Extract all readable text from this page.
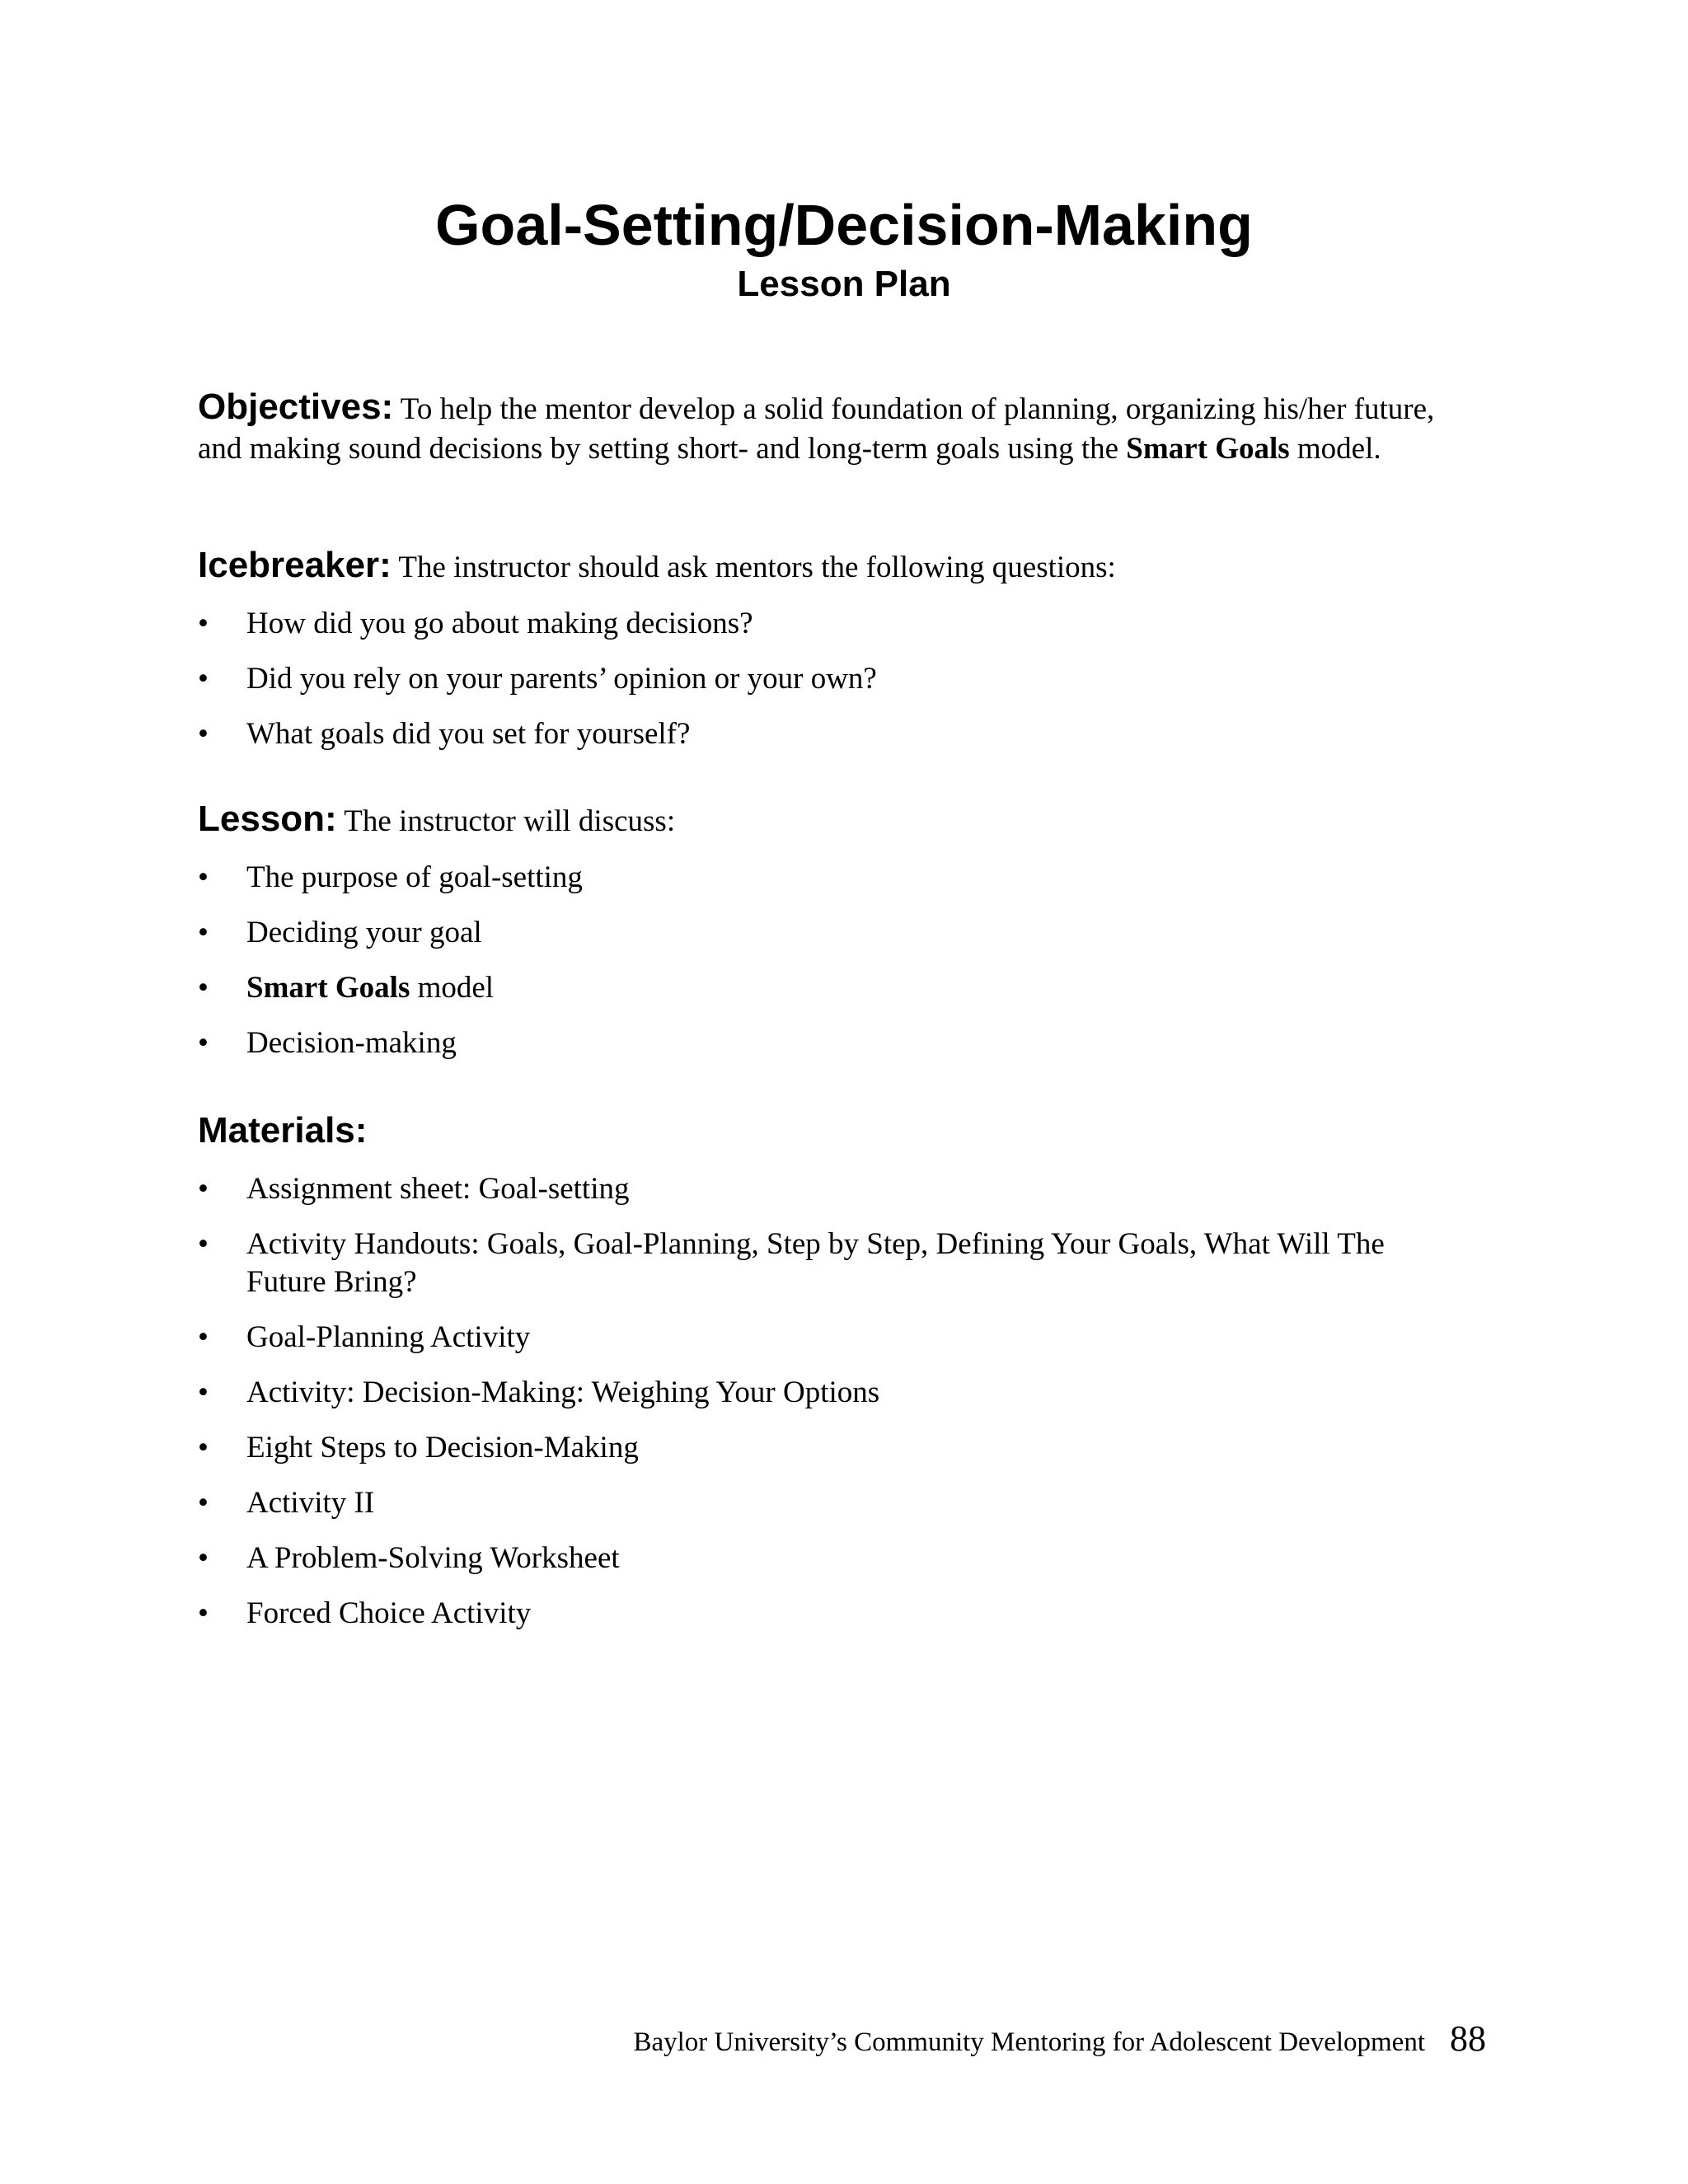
Goal-Setting/Decision-Making
Lesson Plan

Objectives: To help the mentor develop a solid foundation of planning, organizing his/her future, and making sound decisions by setting short- and long-term goals using the Smart Goals model.

Icebreaker: The instructor should ask mentors the following questions:

• How did you go about making decisions?
• Did you rely on your parents’ opinion or your own?
• What goals did you set for yourself?

Lesson: The instructor will discuss:

• The purpose of goal-setting
• Deciding your goal
• Smart Goals model
• Decision-making

Materials:

• Assignment sheet: Goal-setting
• Activity Handouts: Goals, Goal-Planning, Step by Step, Defining Your Goals, What Will The Future Bring?
• Goal-Planning Activity
• Activity: Decision-Making: Weighing Your Options
• Eight Steps to Decision-Making
• Activity II
• A Problem-Solving Worksheet
• Forced Choice Activity
Baylor University’s Community Mentoring for Adolescent Development 88
